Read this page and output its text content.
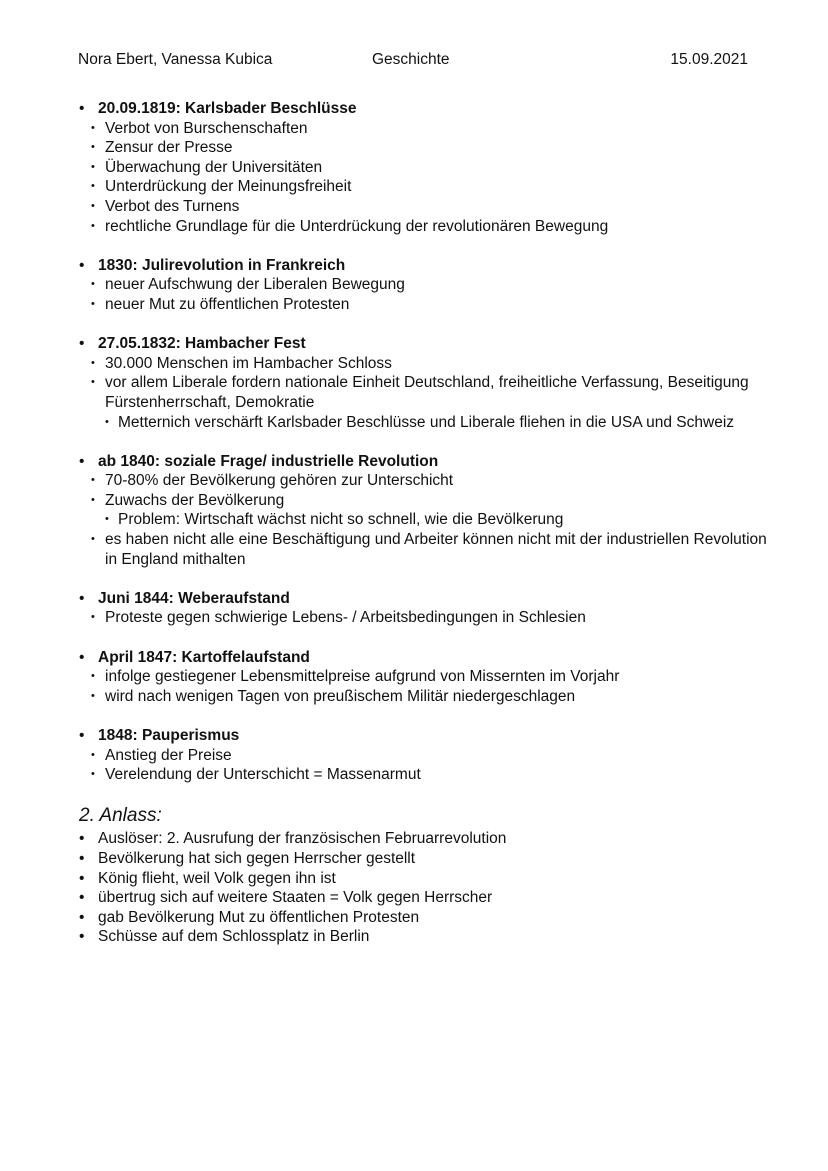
Nora Ebert, Vanessa Kubica	Geschichte	15.09.2021
• 20.09.1819: Karlsbader Beschlüsse
• Verbot von Burschenschaften
• Zensur der Presse
• Überwachung der Universitäten
• Unterdrückung der Meinungsfreiheit
• Verbot des Turnens
• rechtliche Grundlage für die Unterdrückung der revolutionären Bewegung
• 1830: Julirevolution in Frankreich
• neuer Aufschwung der Liberalen Bewegung
• neuer Mut zu öffentlichen Protesten
• 27.05.1832: Hambacher Fest
• 30.000 Menschen im Hambacher Schloss
• vor allem Liberale fordern nationale Einheit Deutschland, freiheitliche Verfassung, Beseitigung Fürstenherrschaft, Demokratie
• Metternich verschärft Karlsbader Beschlüsse und Liberale fliehen in die USA und Schweiz
• ab 1840: soziale Frage/ industrielle Revolution
• 70-80% der Bevölkerung gehören zur Unterschicht
• Zuwachs der Bevölkerung
• Problem: Wirtschaft wächst nicht so schnell, wie die Bevölkerung
• es haben nicht alle eine Beschäftigung und Arbeiter können nicht mit der industriellen Revolution in England mithalten
• Juni 1844: Weberaufstand
• Proteste gegen schwierige Lebens- / Arbeitsbedingungen in Schlesien
• April 1847: Kartoffelaufstand
• infolge gestiegener Lebensmittelpreise aufgrund von Missernten im Vorjahr
• wird nach wenigen Tagen von preußischem Militär niedergeschlagen
• 1848: Pauperismus
• Anstieg der Preise
• Verelendung der Unterschicht = Massenarmut
2. Anlass:
• Auslöser: 2. Ausrufung der französischen Februarrevolution
• Bevölkerung hat sich gegen Herrscher gestellt
• König flieht, weil Volk gegen ihn ist
• übertrug sich auf weitere Staaten = Volk gegen Herrscher
• gab Bevölkerung Mut zu öffentlichen Protesten
• Schüsse auf dem Schlossplatz in Berlin
